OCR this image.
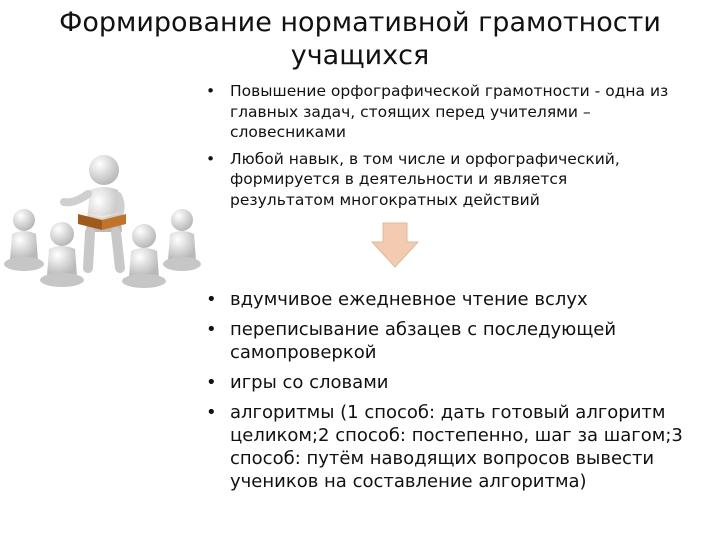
Формирование нормативной грамотности учащихся
• Повышение орфографической грамотности - одна из главных задач, стоящих перед учителями – словесниками
• Любой навык, в том числе и орфографический, формируется в деятельности и является результатом многократных действий
• вдумчивое ежедневное чтение вслух
• переписывание абзацев с последующей самопроверкой
• игры со словами
• алгоритмы (1 способ: дать готовый алгоритм целиком;2 способ: постепенно, шаг за шагом;3 способ: путём наводящих вопросов вывести учеников на составление алгоритма)
